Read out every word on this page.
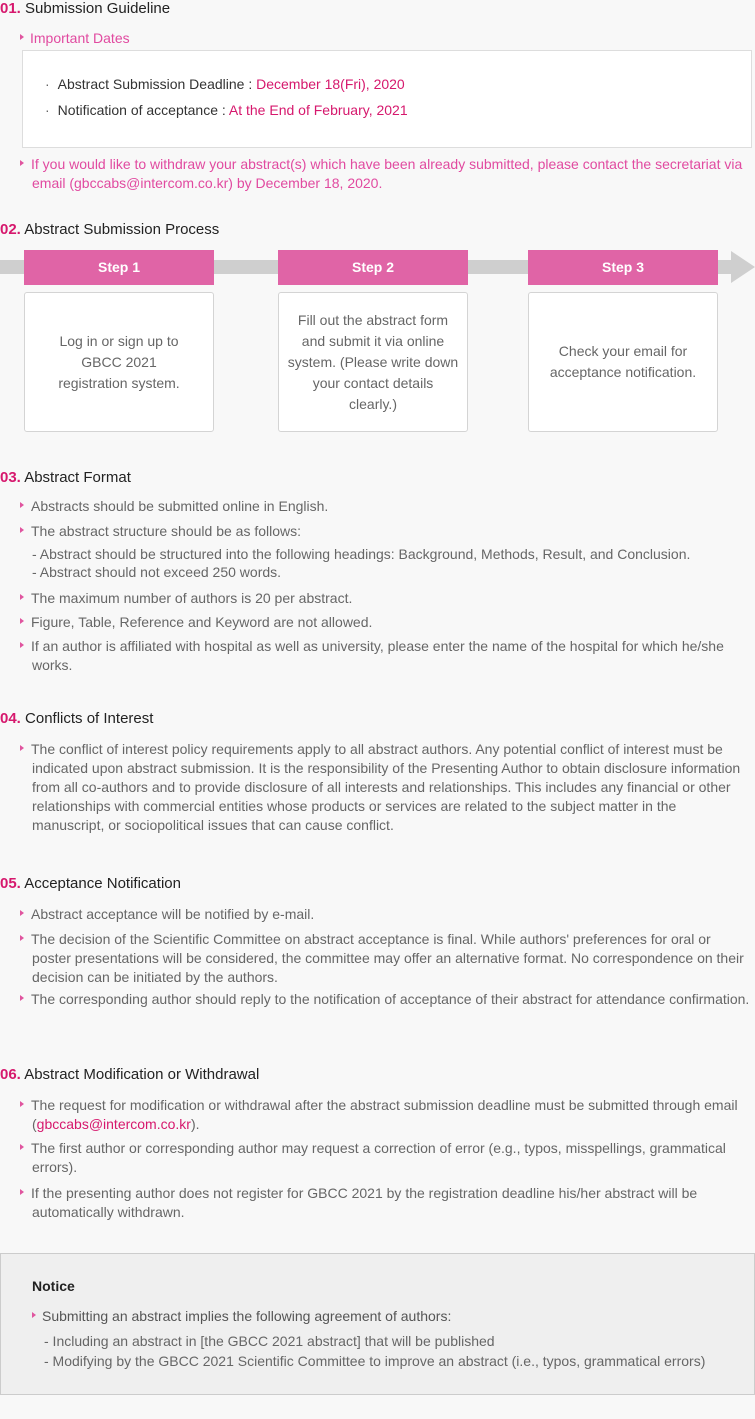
01. Submission Guideline
Important Dates
· Abstract Submission Deadline : December 18(Fri), 2020
· Notification of acceptance : At the End of February, 2021
If you would like to withdraw your abstract(s) which have been already submitted, please contact the secretariat via email (gbccabs@intercom.co.kr) by December 18, 2020.
02. Abstract Submission Process
Step 1	Step 2	Step 3
Log in or sign up to GBCC 2021 registration system.
Fill out the abstract form and submit it via online system. (Please write down your contact details clearly.)
Check your email for acceptance notification.
03. Abstract Format
Abstracts should be submitted online in English.
The abstract structure should be as follows:
- Abstract should be structured into the following headings: Background, Methods, Result, and Conclusion.
- Abstract should not exceed 250 words.
The maximum number of authors is 20 per abstract.
Figure, Table, Reference and Keyword are not allowed.
If an author is affiliated with hospital as well as university, please enter the name of the hospital for which he/she works.
04. Conflicts of Interest
The conflict of interest policy requirements apply to all abstract authors. Any potential conflict of interest must be indicated upon abstract submission. It is the responsibility of the Presenting Author to obtain disclosure information from all co-authors and to provide disclosure of all interests and relationships. This includes any financial or other relationships with commercial entities whose products or services are related to the subject matter in the manuscript, or sociopolitical issues that can cause conflict.
05. Acceptance Notification
Abstract acceptance will be notified by e-mail.
The decision of the Scientific Committee on abstract acceptance is final. While authors' preferences for oral or poster presentations will be considered, the committee may offer an alternative format. No correspondence on their decision can be initiated by the authors.
The corresponding author should reply to the notification of acceptance of their abstract for attendance confirmation.
06. Abstract Modification or Withdrawal
The request for modification or withdrawal after the abstract submission deadline must be submitted through email (gbccabs@intercom.co.kr).
The first author or corresponding author may request a correction of error (e.g., typos, misspellings, grammatical errors).
If the presenting author does not register for GBCC 2021 by the registration deadline his/her abstract will be automatically withdrawn.
Notice
Submitting an abstract implies the following agreement of authors:
- Including an abstract in [the GBCC 2021 abstract] that will be published
- Modifying by the GBCC 2021 Scientific Committee to improve an abstract (i.e., typos, grammatical errors)
